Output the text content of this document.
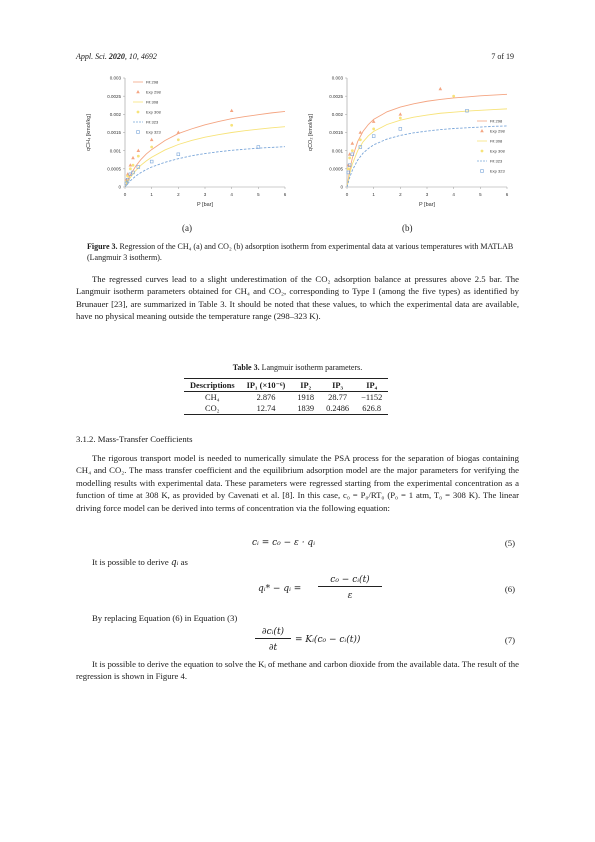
Appl. Sci. 2020, 10, 4692	7 of 19
0	1	2	3	4	5	6
0
0.0005
0.001
0.0015
0.002
0.0025
0.003
P [bar]
qCH₄ [kmol/kg]
Fit 298
Exp 298
Fit 308
Exp 308
Fit 323
Exp 323
0	1	2	3	4	5	6
0
0.0005
0.001
0.0015
0.002
0.0025
0.003
P [bar]
qCO₂ [kmol/kg]	Fit 298
Exp 298
Fit 308
Exp 308
Fit 323
Exp 323
(a)	(b)
Figure 3. Regression of the CH₄ (a) and CO₂ (b) adsorption isotherm from experimental data at various temperatures with MATLAB (Langmuir 3 isotherm).
The regressed curves lead to a slight underestimation of the CO₂ adsorption balance at pressures above 2.5 bar. The Langmuir isotherm parameters obtained for CH₄ and CO₂, corresponding to Type I (among the five types) as identified by Brunauer [23], are summarized in Table 3. It should be noted that these values, to which the experimental data are available, have no physical meaning outside the temperature range (298–323 K).
Table 3. Langmuir isotherm parameters.
Descriptions	IP₁ (×10⁻⁶)	IP₂	IP₃	IP₄
CH₄	2.876	1918	28.77	−1152
CO₂	12.74	1839	0.2486	626.8
3.1.2. Mass-Transfer Coefficients
The rigorous transport model is needed to numerically simulate the PSA process for the separation of biogas containing CH₄ and CO₂. The mass transfer coefficient and the equilibrium adsorption model are the major parameters for verifying the modelling results with experimental data. These parameters were regressed starting from the experimental concentration as a function of time at 308 K, as provided by Cavenati et al. [8]. In this case, c₀ = P₀/RT₀ (P₀ = 1 atm, T₀ = 308 K). The linear driving force model can be derived into terms of concentration via the following equation:
cᵢ = c₀ − ε · qᵢ	(5)
It is possible to derive qᵢ as
qᵢ* − qᵢ =
c₀ − cᵢ(t)
ε
(6)
By replacing Equation (6) in Equation (3)
∂cᵢ(t)
∂t
= Kᵢ(c₀ − cᵢ(t))	(7)
It is possible to derive the equation to solve the Kᵢ of methane and carbon dioxide from the available data. The result of the regression is shown in Figure 4.
